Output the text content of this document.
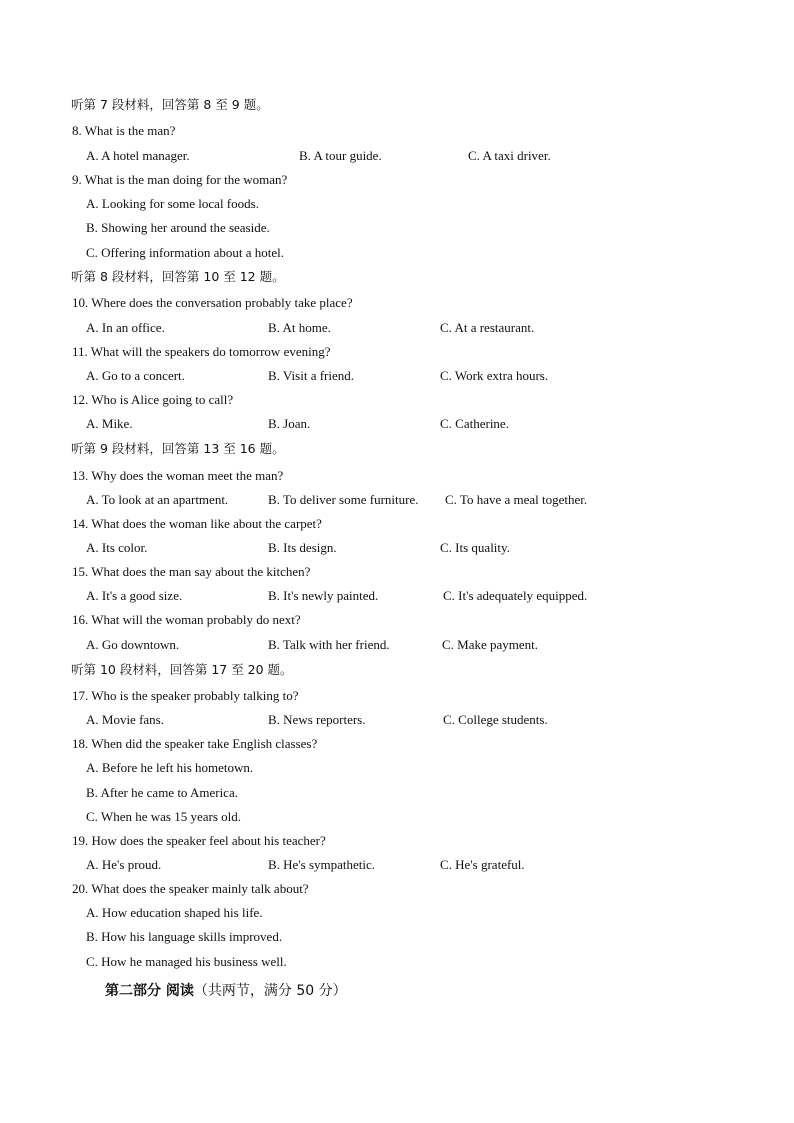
听第 7 段材料，回答第 8 至 9 题。
8. What is the man?
A. A hotel manager.	B. A tour guide.	C. A taxi driver.
9. What is the man doing for the woman?
A. Looking for some local foods.
B. Showing her around the seaside.
C. Offering information about a hotel.
听第 8 段材料，回答第 10 至 12 题。
10. Where does the conversation probably take place?
A. In an office.	B. At home.	C. At a restaurant.
11. What will the speakers do tomorrow evening?
A. Go to a concert.	B. Visit a friend.	C. Work extra hours.
12. Who is Alice going to call?
A. Mike.	B. Joan.	C. Catherine.
听第 9 段材料，回答第 13 至 16 题。
13. Why does the woman meet the man?
A. To look at an apartment.	B. To deliver some furniture. C. To have a meal together.
14. What does the woman like about the carpet?
A. Its color.	B. Its design.	C. Its quality.
15. What does the man say about the kitchen?
A. It's a good size.	B. It's newly painted.	C. It's adequately equipped.
16. What will the woman probably do next?
A. Go downtown.	B. Talk with her friend.	C. Make payment.
听第 10 段材料，回答第 17 至 20 题。
17. Who is the speaker probably talking to?
A. Movie fans.	B. News reporters.	C. College students.
18. When did the speaker take English classes?
A. Before he left his hometown.
B. After he came to America.
C. When he was 15 years old.
19. How does the speaker feel about his teacher?
A. He's proud.	B. He's sympathetic.	C. He's grateful.
20. What does the speaker mainly talk about?
A. How education shaped his life.
B. How his language skills improved.
C. How he managed his business well.
第二部分 阅读（共两节，满分 50 分）
